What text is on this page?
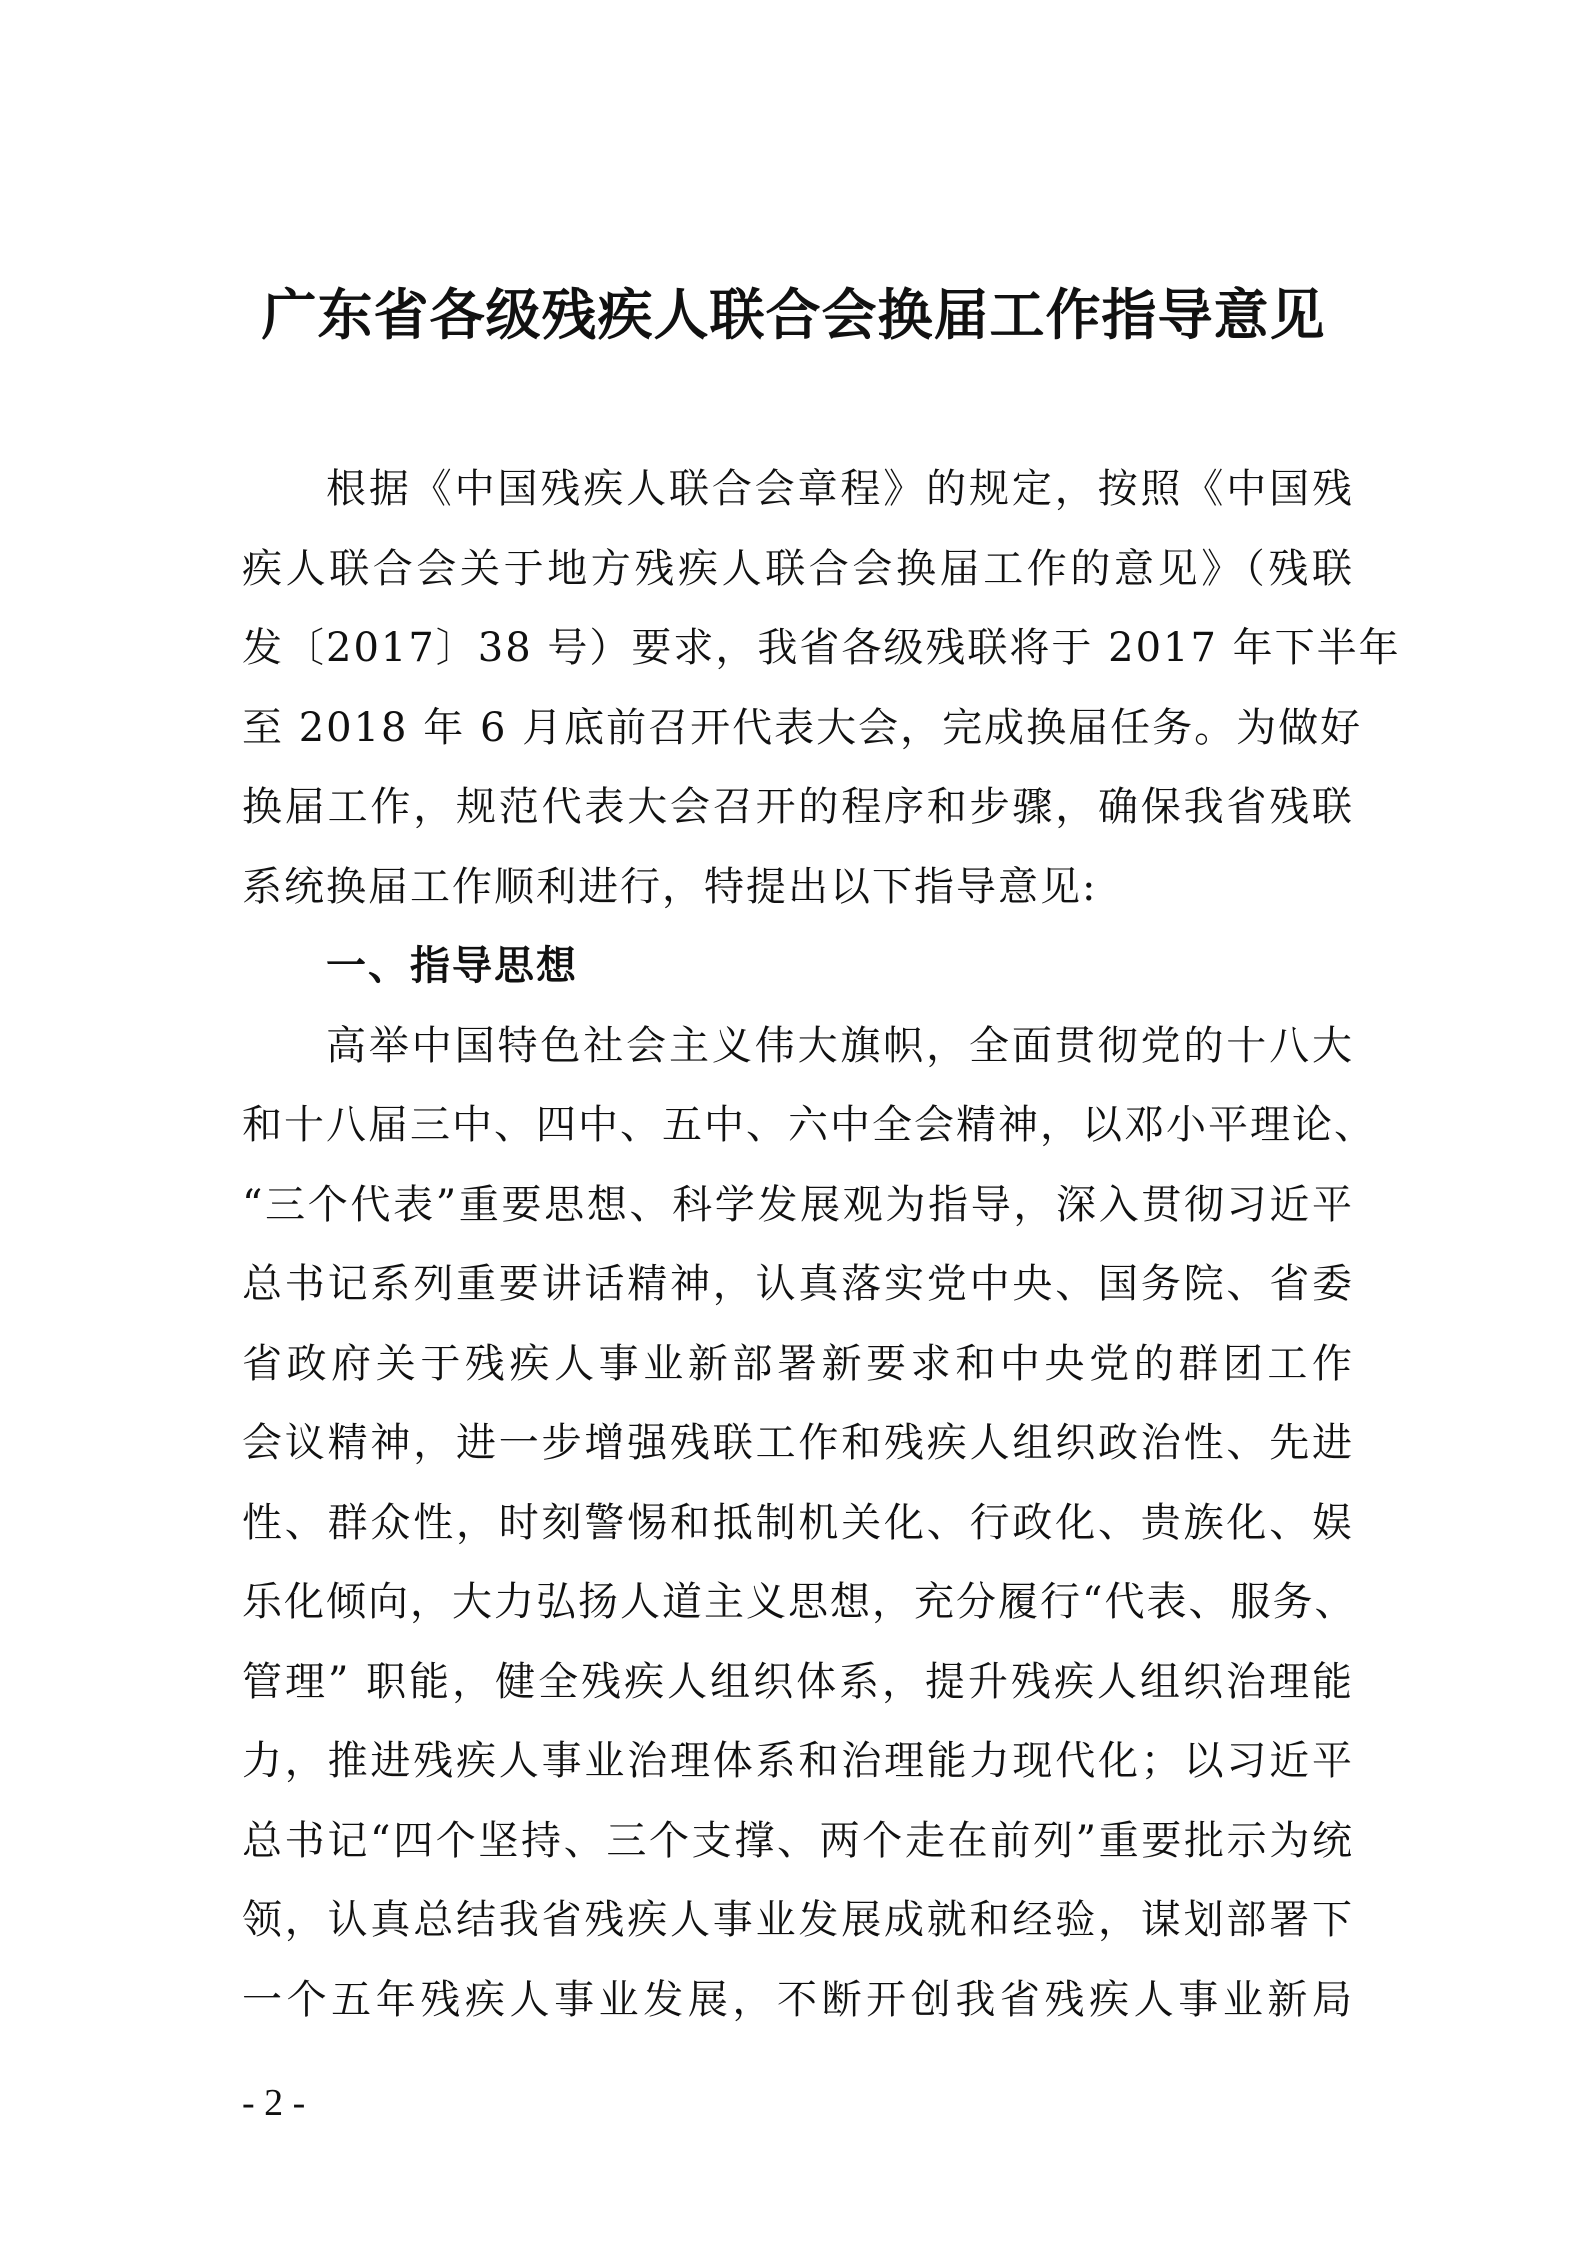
广东省各级残疾人联合会换届工作指导意见

根据《中国残疾人联合会章程》的规定，按照《中国残
疾人联合会关于地方残疾人联合会换届工作的意见》（残联
发〔2017〕38 号）要求，我省各级残联将于 2017 年下半年
至 2018 年 6 月底前召开代表大会，完成换届任务。为做好
换届工作，规范代表大会召开的程序和步骤，确保我省残联
系统换届工作顺利进行，特提出以下指导意见:

一、指导思想

高举中国特色社会主义伟大旗帜，全面贯彻党的十八大
和十八届三中、四中、五中、六中全会精神，以邓小平理论、
“三个代表”重要思想、科学发展观为指导，深入贯彻习近平
总书记系列重要讲话精神，认真落实党中央、国务院、省委
省政府关于残疾人事业新部署新要求和中央党的群团工作
会议精神，进一步增强残联工作和残疾人组织政治性、先进
性、群众性，时刻警惕和抵制机关化、行政化、贵族化、娱
乐化倾向，大力弘扬人道主义思想，充分履行“代表、服务、
管理” 职能，健全残疾人组织体系，提升残疾人组织治理能
力，推进残疾人事业治理体系和治理能力现代化；以习近平
总书记“四个坚持、三个支撑、两个走在前列”重要批示为统
领，认真总结我省残疾人事业发展成就和经验，谋划部署下
一个五年残疾人事业发展，不断开创我省残疾人事业新局

- 2 -
